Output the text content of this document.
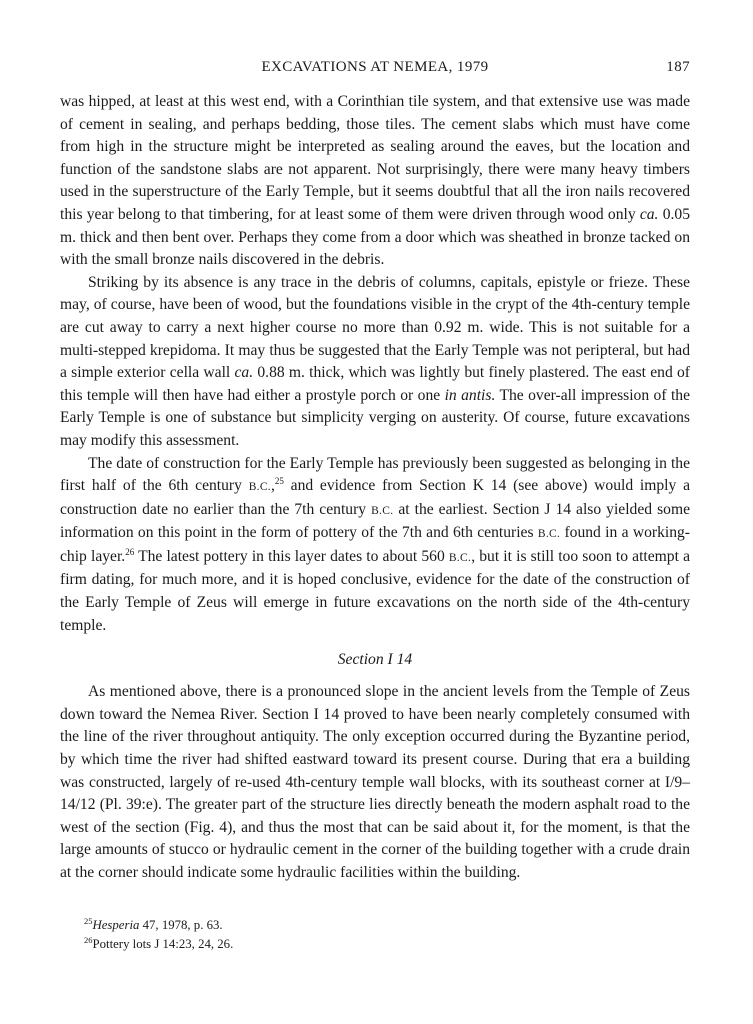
EXCAVATIONS AT NEMEA, 1979	187

was hipped, at least at this west end, with a Corinthian tile system, and that extensive use was made of cement in sealing, and perhaps bedding, those tiles. The cement slabs which must have come from high in the structure might be interpreted as sealing around the eaves, but the location and function of the sandstone slabs are not apparent. Not surprisingly, there were many heavy timbers used in the superstructure of the Early Temple, but it seems doubtful that all the iron nails recovered this year belong to that timbering, for at least some of them were driven through wood only ca. 0.05 m. thick and then bent over. Perhaps they come from a door which was sheathed in bronze tacked on with the small bronze nails discovered in the debris.

Striking by its absence is any trace in the debris of columns, capitals, epistyle or frieze. These may, of course, have been of wood, but the foundations visible in the crypt of the 4th-century temple are cut away to carry a next higher course no more than 0.92 m. wide. This is not suitable for a multi-stepped krepidoma. It may thus be suggested that the Early Temple was not peripteral, but had a simple exterior cella wall ca. 0.88 m. thick, which was lightly but finely plastered. The east end of this temple will then have had either a prostyle porch or one in antis. The over-all impression of the Early Temple is one of substance but simplicity verging on austerity. Of course, future excavations may modify this assessment.

The date of construction for the Early Temple has previously been suggested as belonging in the first half of the 6th century B.C.,$^{25}$ and evidence from Section K 14 (see above) would imply a construction date no earlier than the 7th century B.C. at the earliest. Section J 14 also yielded some information on this point in the form of pottery of the 7th and 6th centuries B.C. found in a working-chip layer.$^{26}$ The latest pottery in this layer dates to about 560 B.C., but it is still too soon to attempt a firm dating, for much more, and it is hoped conclusive, evidence for the date of the construction of the Early Temple of Zeus will emerge in future excavations on the north side of the 4th-century temple.

Section I 14

As mentioned above, there is a pronounced slope in the ancient levels from the Temple of Zeus down toward the Nemea River. Section I 14 proved to have been nearly completely consumed with the line of the river throughout antiquity. The only exception occurred during the Byzantine period, by which time the river had shifted eastward toward its present course. During that era a building was constructed, largely of re-used 4th-century temple wall blocks, with its southeast corner at I/9–14/12 (Pl. 39:e). The greater part of the structure lies directly beneath the modern asphalt road to the west of the section (Fig. 4), and thus the most that can be said about it, for the moment, is that the large amounts of stucco or hydraulic cement in the corner of the building together with a crude drain at the corner should indicate some hydraulic facilities within the building.

$^{25}$Hesperia 47, 1978, p. 63.
$^{26}$Pottery lots J 14:23, 24, 26.
